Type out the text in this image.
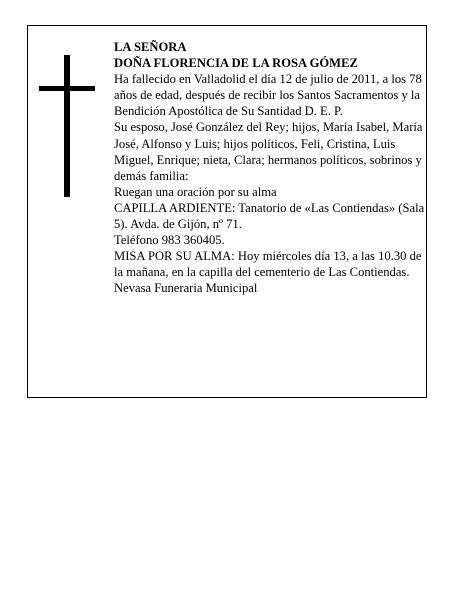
LA SEÑORA

DOÑA FLORENCIA DE LA ROSA GÓMEZ

Ha fallecido en Valladolid el día 12 de julio de 2011, a los 78 años de edad, después de recibir los Santos Sacramentos y la Bendición Apostólica de Su Santidad D. E. P.

Su esposo, José González del Rey; hijos, María Isabel, María José, Alfonso y Luis; hijos políticos, Feli, Cristina, Luis Miguel, Enrique; nieta, Clara; hermanos políticos, sobrinos y demás familia:

Ruegan una oración por su alma

CAPILLA ARDIENTE: Tanatorio de «Las Contiendas» (Sala 5). Avda. de Gijón, nº 71.

Teléfono 983 360405.

MISA POR SU ALMA: Hoy miércoles día 13, a las 10.30 de la mañana, en la capilla del cementerio de Las Contiendas.

Nevasa Funeraria Municipal
